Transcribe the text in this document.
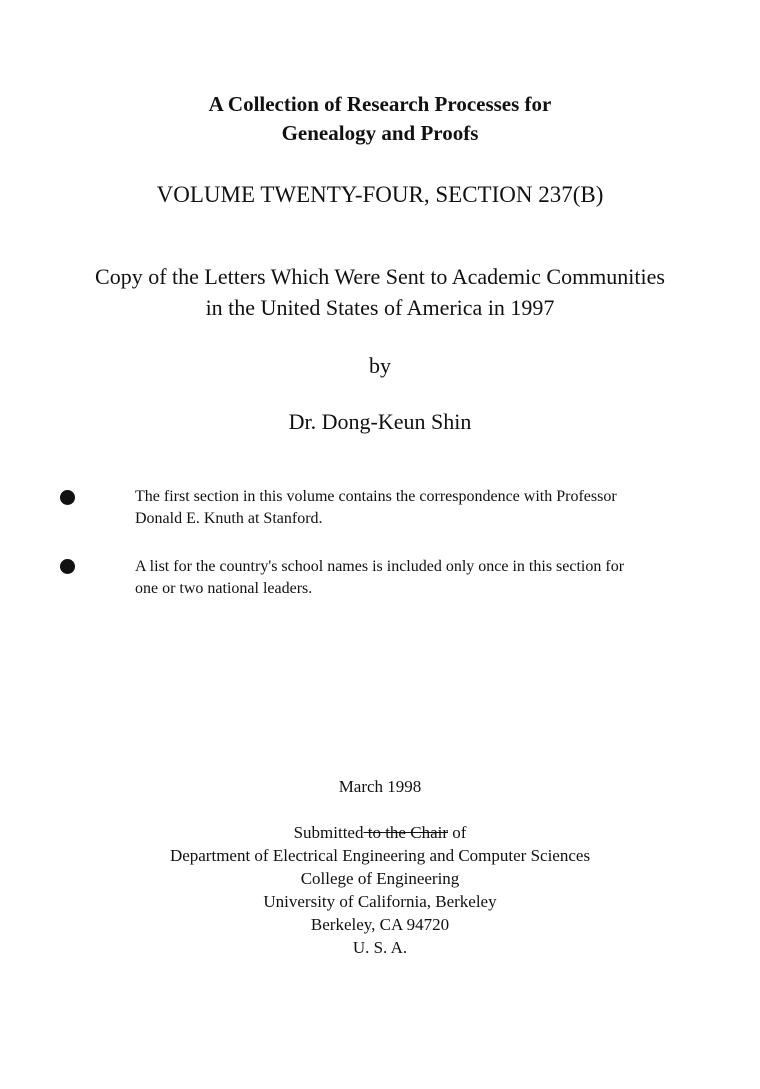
A Collection of Research Processes for
Genealogy and Proofs
VOLUME TWENTY-FOUR, SECTION 237(B)
Copy of the Letters Which Were Sent to Academic Communities
in the United States of America in 1997
by
Dr. Dong-Keun Shin
The first section in this volume contains the correspondence with Professor
Donald E. Knuth at Stanford.
A list for the country's school names is included only once in this section for
one or two national leaders.
March 1998
Submitted to the Chair of
Department of Electrical Engineering and Computer Sciences
College of Engineering
University of California, Berkeley
Berkeley, CA 94720
U. S. A.
